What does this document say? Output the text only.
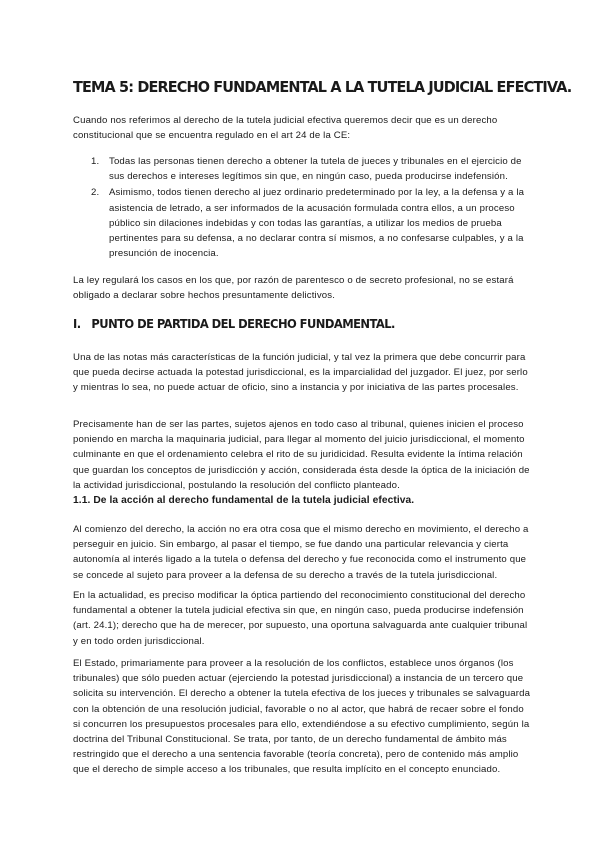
TEMA 5: DERECHO FUNDAMENTAL A LA TUTELA JUDICIAL EFECTIVA.

Cuando nos referimos al derecho de la tutela judicial efectiva queremos decir que es un derecho constitucional que se encuentra regulado en el art 24 de la CE:

1. Todas las personas tienen derecho a obtener la tutela de jueces y tribunales en el ejercicio de sus derechos e intereses legítimos sin que, en ningún caso, pueda producirse indefensión.
2. Asimismo, todos tienen derecho al juez ordinario predeterminado por la ley, a la defensa y a la asistencia de letrado, a ser informados de la acusación formulada contra ellos, a un proceso público sin dilaciones indebidas y con todas las garantías, a utilizar los medios de prueba pertinentes para su defensa, a no declarar contra sí mismos, a no confesarse culpables, y a la presunción de inocencia.

La ley regulará los casos en los que, por razón de parentesco o de secreto profesional, no se estará obligado a declarar sobre hechos presuntamente delictivos.

I. PUNTO DE PARTIDA DEL DERECHO FUNDAMENTAL.

Una de las notas más características de la función judicial, y tal vez la primera que debe concurrir para que pueda decirse actuada la potestad jurisdiccional, es la imparcialidad del juzgador. El juez, por serlo y mientras lo sea, no puede actuar de oficio, sino a instancia y por iniciativa de las partes procesales.

Precisamente han de ser las partes, sujetos ajenos en todo caso al tribunal, quienes inicien el proceso poniendo en marcha la maquinaria judicial, para llegar al momento del juicio jurisdiccional, el momento culminante en que el ordenamiento celebra el rito de su juridicidad. Resulta evidente la íntima relación que guardan los conceptos de jurisdicción y acción, considerada ésta desde la óptica de la iniciación de la actividad jurisdiccional, postulando la resolución del conflicto planteado.

1.1. De la acción al derecho fundamental de la tutela judicial efectiva.

Al comienzo del derecho, la acción no era otra cosa que el mismo derecho en movimiento, el derecho a perseguir en juicio. Sin embargo, al pasar el tiempo, se fue dando una particular relevancia y cierta autonomía al interés ligado a la tutela o defensa del derecho y fue reconocida como el instrumento que se concede al sujeto para proveer a la defensa de su derecho a través de la tutela jurisdiccional.

En la actualidad, es preciso modificar la óptica partiendo del reconocimiento constitucional del derecho fundamental a obtener la tutela judicial efectiva sin que, en ningún caso, pueda producirse indefensión (art. 24.1); derecho que ha de merecer, por supuesto, una oportuna salvaguarda ante cualquier tribunal y en todo orden jurisdiccional.

El Estado, primariamente para proveer a la resolución de los conflictos, establece unos órganos (los tribunales) que sólo pueden actuar (ejerciendo la potestad jurisdiccional) a instancia de un tercero que solicita su intervención. El derecho a obtener la tutela efectiva de los jueces y tribunales se salvaguarda con la obtención de una resolución judicial, favorable o no al actor, que habrá de recaer sobre el fondo si concurren los presupuestos procesales para ello, extendiéndose a su efectivo cumplimiento, según la doctrina del Tribunal Constitucional. Se trata, por tanto, de un derecho fundamental de ámbito más restringido que el derecho a una sentencia favorable (teoría concreta), pero de contenido más amplio que el derecho de simple acceso a los tribunales, que resulta implícito en el concepto enunciado.
